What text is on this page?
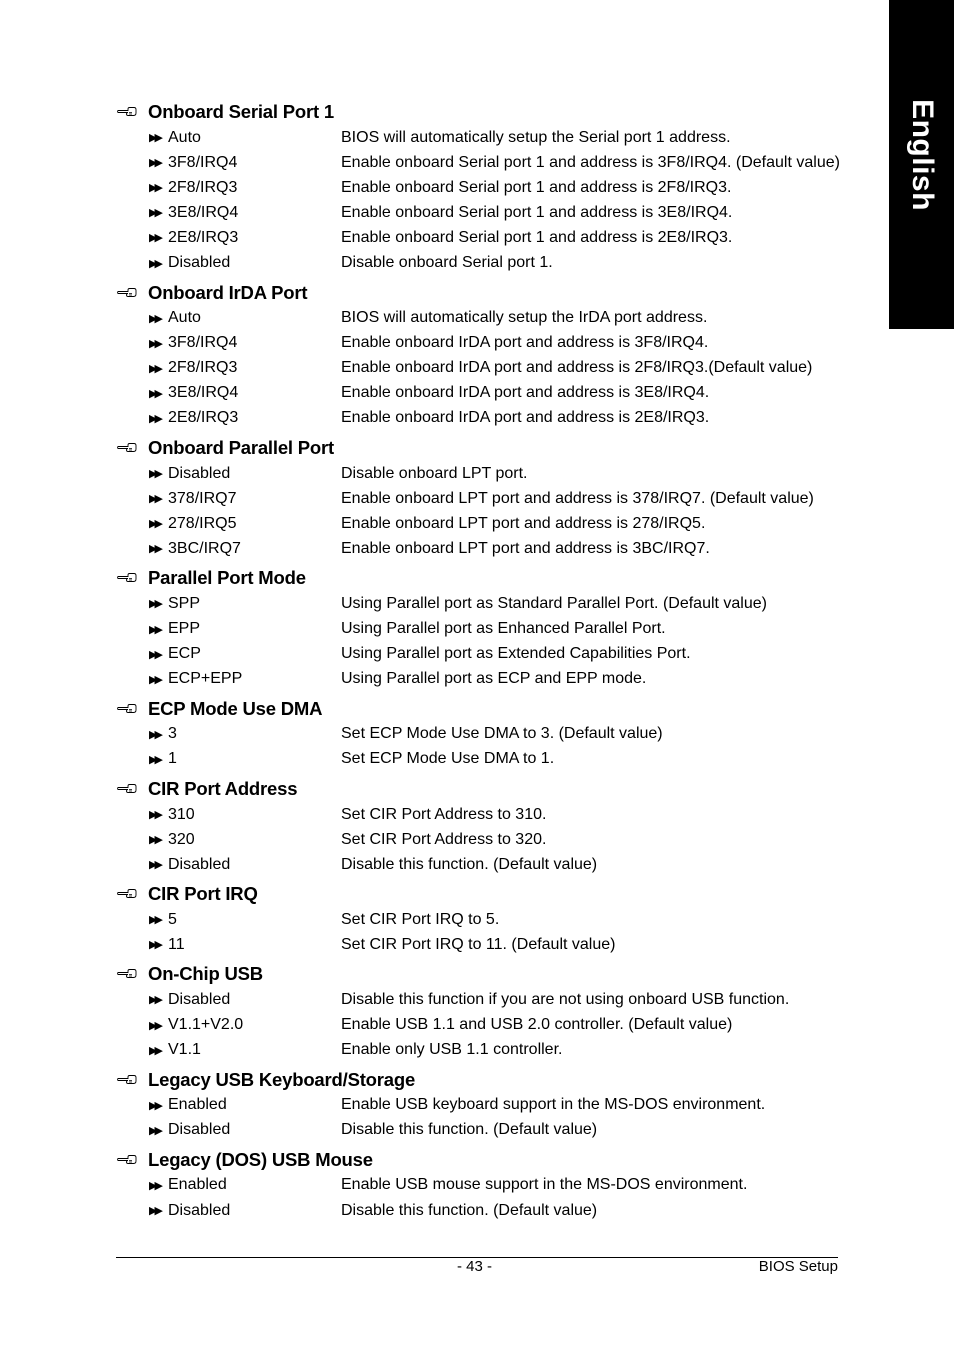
English
Onboard Serial Port 1
▶▶ Auto	BIOS will automatically setup the Serial port 1 address.
▶▶ 3F8/IRQ4	Enable onboard Serial port 1 and address is 3F8/IRQ4. (Default value)
▶▶ 2F8/IRQ3	Enable onboard Serial port 1 and address is 2F8/IRQ3.
▶▶ 3E8/IRQ4	Enable onboard Serial port 1 and address is 3E8/IRQ4.
▶▶ 2E8/IRQ3	Enable onboard Serial port 1 and address is 2E8/IRQ3.
▶▶ Disabled	Disable onboard Serial port 1.
Onboard IrDA Port
▶▶ Auto	BIOS will automatically setup the IrDA port address.
▶▶ 3F8/IRQ4	Enable onboard IrDA port and address is 3F8/IRQ4.
▶▶ 2F8/IRQ3	Enable onboard IrDA port and address is 2F8/IRQ3.(Default value)
▶▶ 3E8/IRQ4	Enable onboard IrDA port and address is 3E8/IRQ4.
▶▶ 2E8/IRQ3	Enable onboard IrDA port and address is 2E8/IRQ3.
Onboard Parallel Port
▶▶ Disabled	Disable onboard LPT port.
▶▶ 378/IRQ7	Enable onboard LPT port and address is 378/IRQ7. (Default value)
▶▶ 278/IRQ5	Enable onboard LPT port and address is 278/IRQ5.
▶▶ 3BC/IRQ7	Enable onboard LPT port and address is 3BC/IRQ7.
Parallel Port Mode
▶▶ SPP	Using Parallel port as Standard Parallel Port. (Default value)
▶▶ EPP	Using Parallel port as Enhanced Parallel Port.
▶▶ ECP	Using Parallel port as Extended Capabilities Port.
▶▶ ECP+EPP	Using Parallel port as ECP and EPP mode.
ECP Mode Use DMA
▶▶ 3	Set ECP Mode Use DMA to 3. (Default value)
▶▶ 1	Set ECP Mode Use DMA to 1.
CIR Port Address
▶▶ 310	Set CIR Port Address to 310.
▶▶ 320	Set CIR Port Address to 320.
▶▶ Disabled	Disable this function. (Default value)
CIR Port IRQ
▶▶ 5	Set CIR Port IRQ to 5.
▶▶ 11	Set CIR Port IRQ to 11. (Default value)
On-Chip USB
▶▶ Disabled	Disable this function if you are not using onboard USB function.
▶▶ V1.1+V2.0	Enable USB 1.1 and USB 2.0 controller. (Default value)
▶▶ V1.1	Enable only USB 1.1 controller.
Legacy USB Keyboard/Storage
▶▶ Enabled	Enable USB keyboard support in the MS-DOS environment.
▶▶ Disabled	Disable this function. (Default value)
Legacy (DOS) USB Mouse
▶▶ Enabled	Enable USB mouse support in the MS-DOS environment.
▶▶ Disabled	Disable this function. (Default value)
- 43 -	BIOS Setup
